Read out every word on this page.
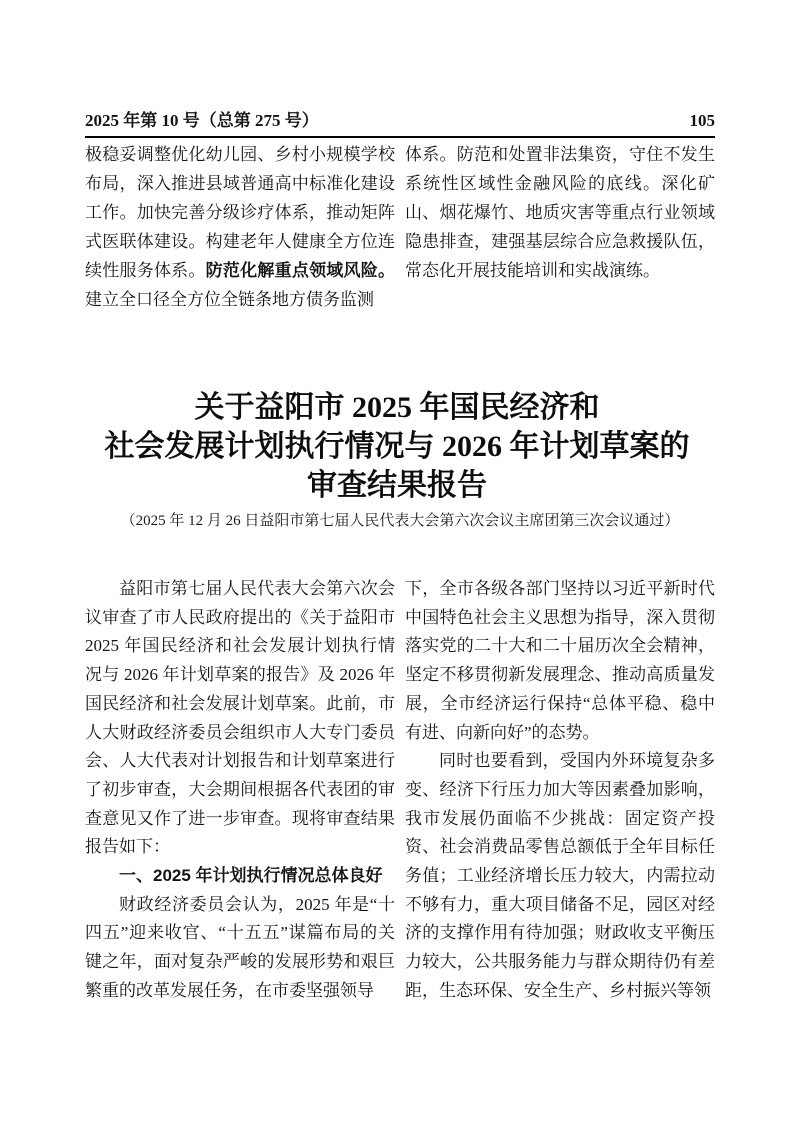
2025 年第 10 号（总第 275 号）	105

极稳妥调整优化幼儿园、乡村小规模学校布局，深入推进县域普通高中标准化建设工作。加快完善分级诊疗体系，推动矩阵式医联体建设。构建老年人健康全方位连续性服务体系。防范化解重点领域风险。建立全口径全方位全链条地方债务监测

体系。防范和处置非法集资，守住不发生系统性区域性金融风险的底线。深化矿山、烟花爆竹、地质灾害等重点行业领域隐患排查，建强基层综合应急救援队伍，常态化开展技能培训和实战演练。

关于益阳市 2025 年国民经济和
社会发展计划执行情况与 2026 年计划草案的
审查结果报告
（2025 年 12 月 26 日益阳市第七届人民代表大会第六次会议主席团第三次会议通过）

益阳市第七届人民代表大会第六次会议审查了市人民政府提出的《关于益阳市 2025 年国民经济和社会发展计划执行情况与 2026 年计划草案的报告》及 2026 年国民经济和社会发展计划草案。此前，市人大财政经济委员会组织市人大专门委员会、人大代表对计划报告和计划草案进行了初步审查，大会期间根据各代表团的审查意见又作了进一步审查。现将审查结果报告如下：

一、2025 年计划执行情况总体良好

财政经济委员会认为，2025 年是“十四五”迎来收官、“十五五”谋篇布局的关键之年，面对复杂严峻的发展形势和艰巨繁重的改革发展任务，在市委坚强领导

下，全市各级各部门坚持以习近平新时代中国特色社会主义思想为指导，深入贯彻落实党的二十大和二十届历次全会精神，坚定不移贯彻新发展理念、推动高质量发展，全市经济运行保持“总体平稳、稳中有进、向新向好”的态势。

同时也要看到，受国内外环境复杂多变、经济下行压力加大等因素叠加影响，我市发展仍面临不少挑战：固定资产投资、社会消费品零售总额低于全年目标任务值；工业经济增长压力较大，内需拉动不够有力，重大项目储备不足，园区对经济的支撑作用有待加强；财政收支平衡压力较大，公共服务能力与群众期待仍有差距，生态环保、安全生产、乡村振兴等领
